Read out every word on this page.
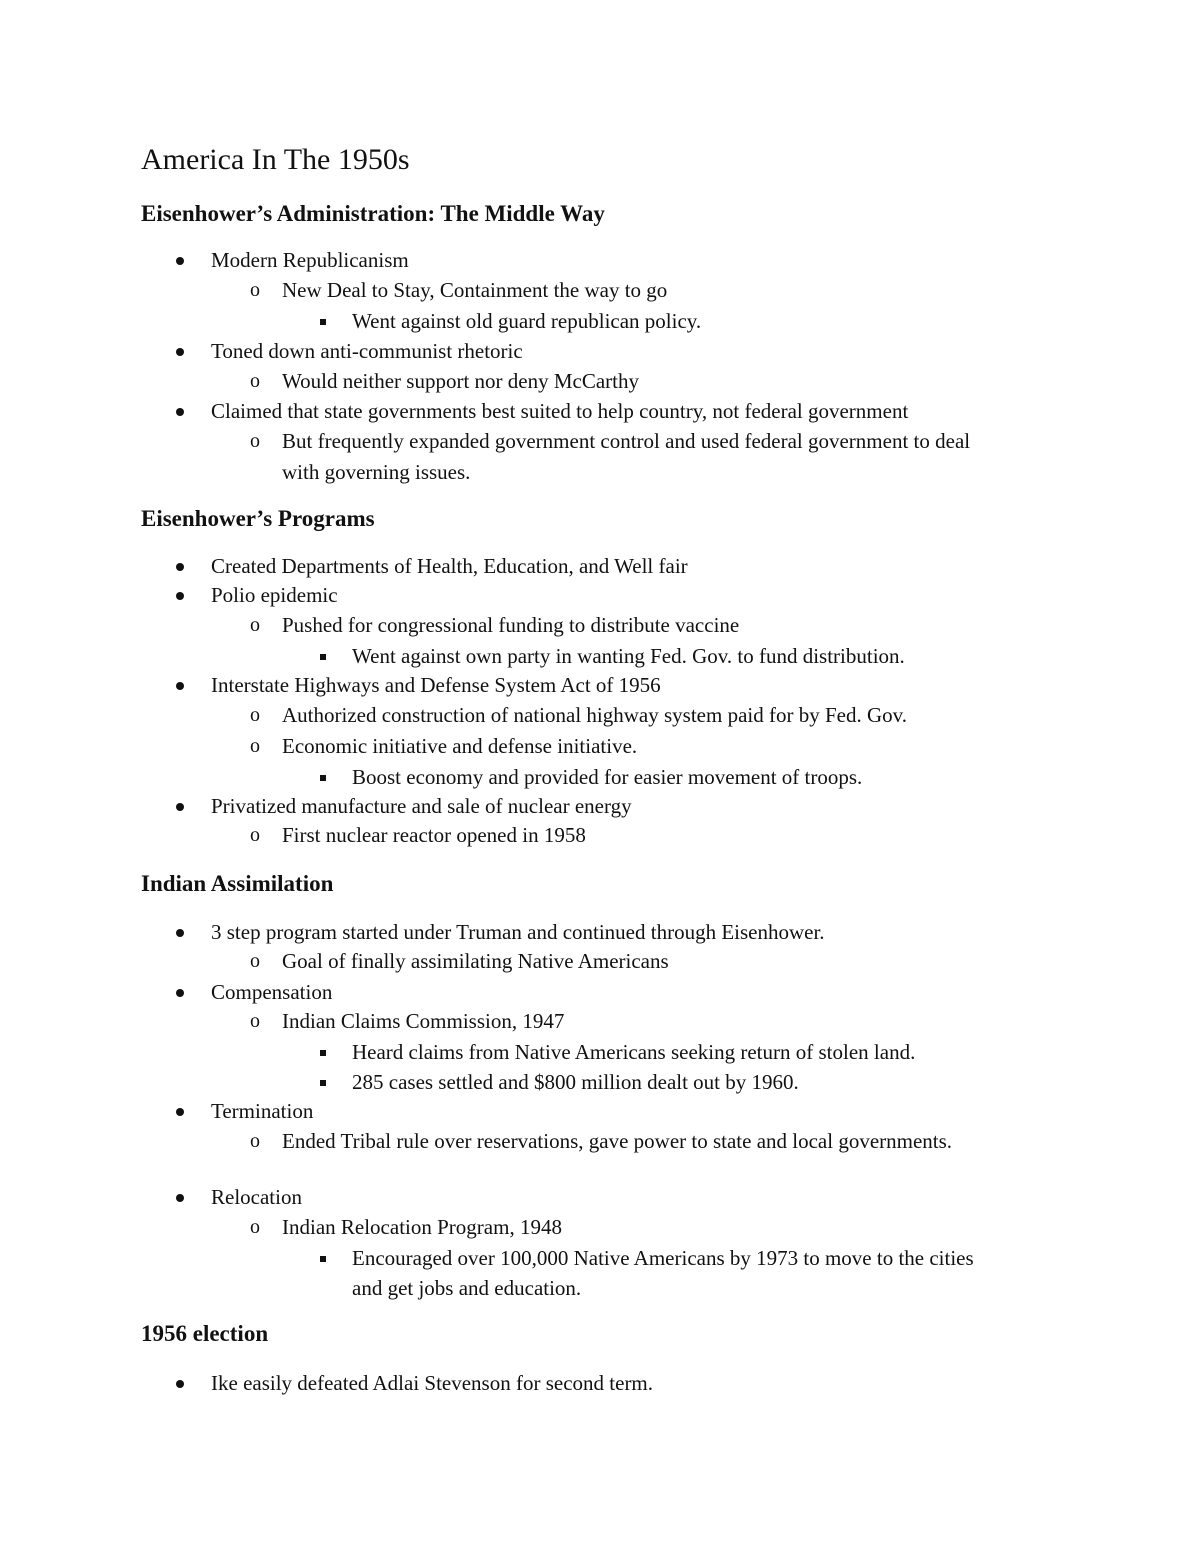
America In The 1950s
Eisenhower’s Administration: The Middle Way
Modern Republicanism
o New Deal to Stay, Containment the way to go
Went against old guard republican policy.
Toned down anti-communist rhetoric
o Would neither support nor deny McCarthy
Claimed that state governments best suited to help country, not federal government
o But frequently expanded government control and used federal government to deal
with governing issues.
Eisenhower’s Programs
Created Departments of Health, Education, and Well fair
Polio epidemic
o Pushed for congressional funding to distribute vaccine
Went against own party in wanting Fed. Gov. to fund distribution.
Interstate Highways and Defense System Act of 1956
o Authorized construction of national highway system paid for by Fed. Gov.
o Economic initiative and defense initiative.
Boost economy and provided for easier movement of troops.
Privatized manufacture and sale of nuclear energy
o First nuclear reactor opened in 1958
Indian Assimilation
3 step program started under Truman and continued through Eisenhower.
o Goal of finally assimilating Native Americans
Compensation
o Indian Claims Commission, 1947
Heard claims from Native Americans seeking return of stolen land.
285 cases settled and $800 million dealt out by 1960.
Termination
o Ended Tribal rule over reservations, gave power to state and local governments.
Relocation
o Indian Relocation Program, 1948
Encouraged over 100,000 Native Americans by 1973 to move to the cities
and get jobs and education.
1956 election
Ike easily defeated Adlai Stevenson for second term.
